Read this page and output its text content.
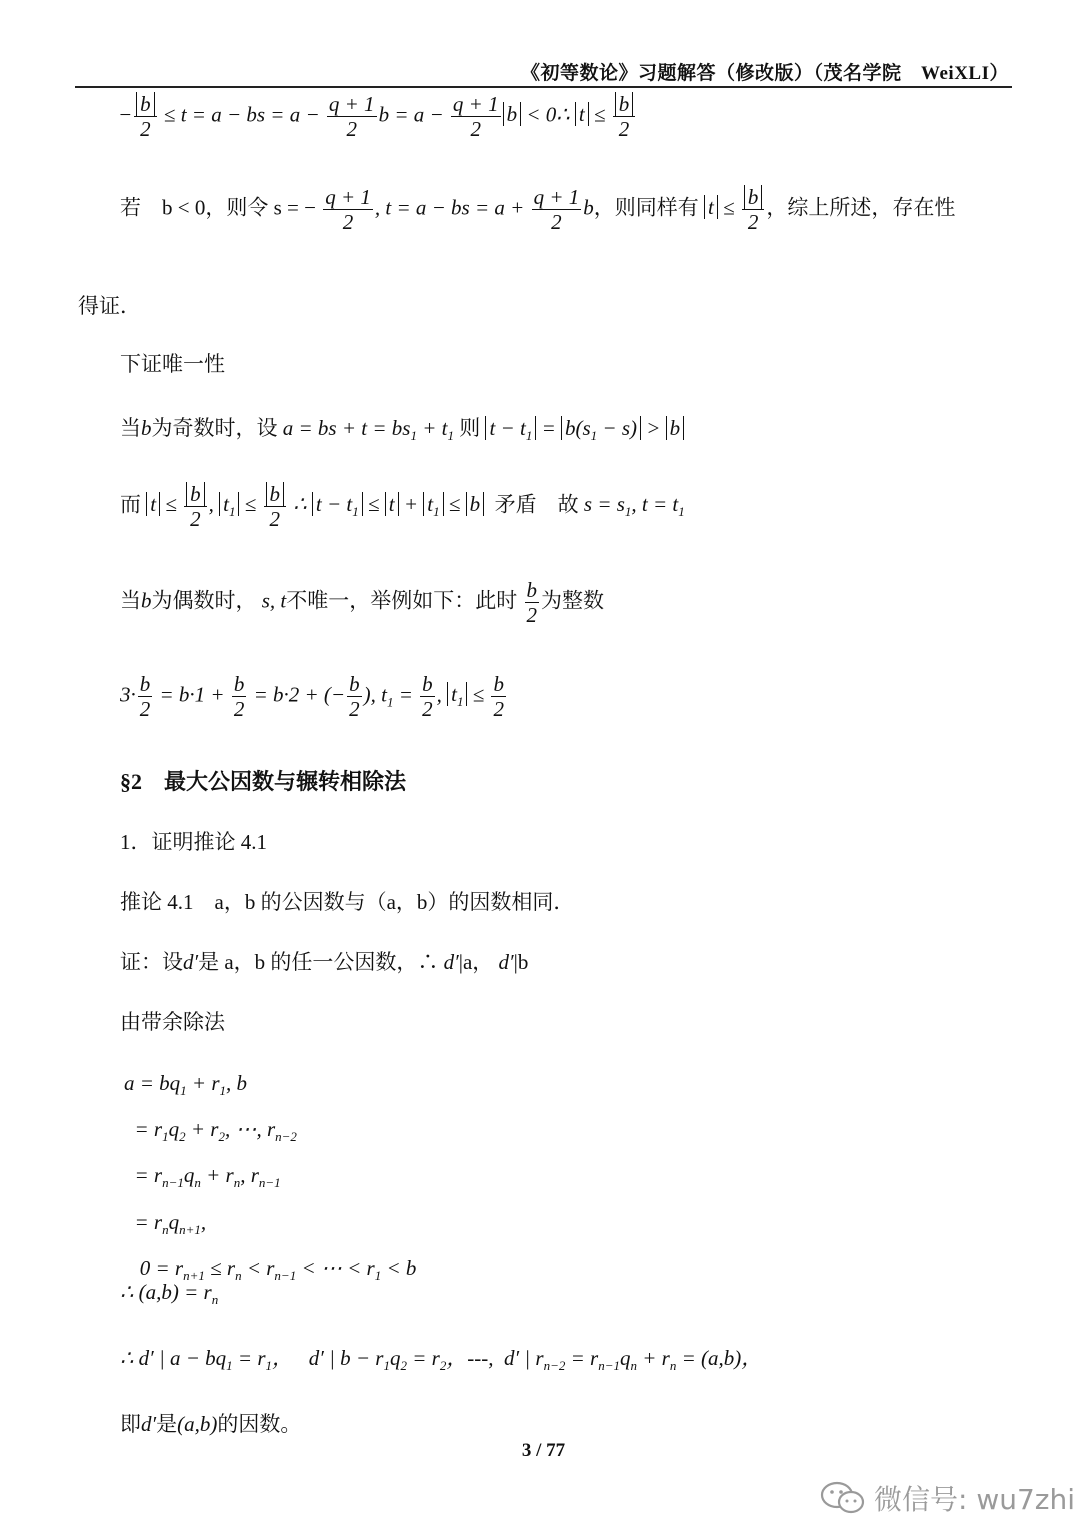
《初等数论》习题解答（修改版）（茂名学院　WeiXLI）
− $\frac{b}{2} \le t = a$ − bs = $a - \frac{q + 1}{2}$ $b = a - \frac{q + 1}{2}$ b < 0∴ $t \le \frac{b}{2}$
若　b < 0，则令 s = − $\frac{q + 1}{2}$ , t = a − bs = $a + \frac{q + 1}{2}$ b，则同样有 $t \le \frac{b}{2}$ ，综上所述，存在性
得证．
下证唯一性
当b为奇数时，设 a = bs + $t = bs_1 + t_1$ 则 $t - t_1 = b(s_1 - s) > b$
而 $t \le \frac{b}{2}$ , $t_1 \le \frac{b}{2}$ ∴ $t - t_1 \le t + t_1 \le b$ 矛盾　故 $s = s_1$, $t = t_1$
当b为偶数时， s, t不唯一，举例如下：此时 $\frac{b}{2}$ 为整数
$3\cdot \frac{b}{2} = b\cdot 1 + \frac{b}{2} = b\cdot 2$ + (− $\frac{b}{2}$ ), $t_1 = \frac{b}{2}$ , $t_1 \le \frac{b}{2}$
§2　最大公因数与辗转相除法
1．证明推论 4.1
推论 4.1　a，b 的公因数与（a，b）的因数相同．
证：设d′是 a，b 的任一公因数，∴ d′|a， d′|b
由带余除法
$a = bq_1 + r_1$, b
= $r_1q_2 + r_2$, ⋯, $r_{n-2}$
= $r_{n-1}q_n + r_n$, $r_{n-1}$
= $r_nq_{n+1}$,
$0 = r_{n+1} \le r_n < r_{n-1}$ < ⋯ < $r_1 < b$
∴ $(a,b) = r_n$
∴ d′ | $a - bq_1 = r_1$，   d′ | $b - r_1q_2 = r_2$，---,  d′ | $r_{n-2} = r_{n-1}q_n + r_n = (a,b)$，
即d′是(a,b)的因数。
3 / 77
微信号: wu7zhi
